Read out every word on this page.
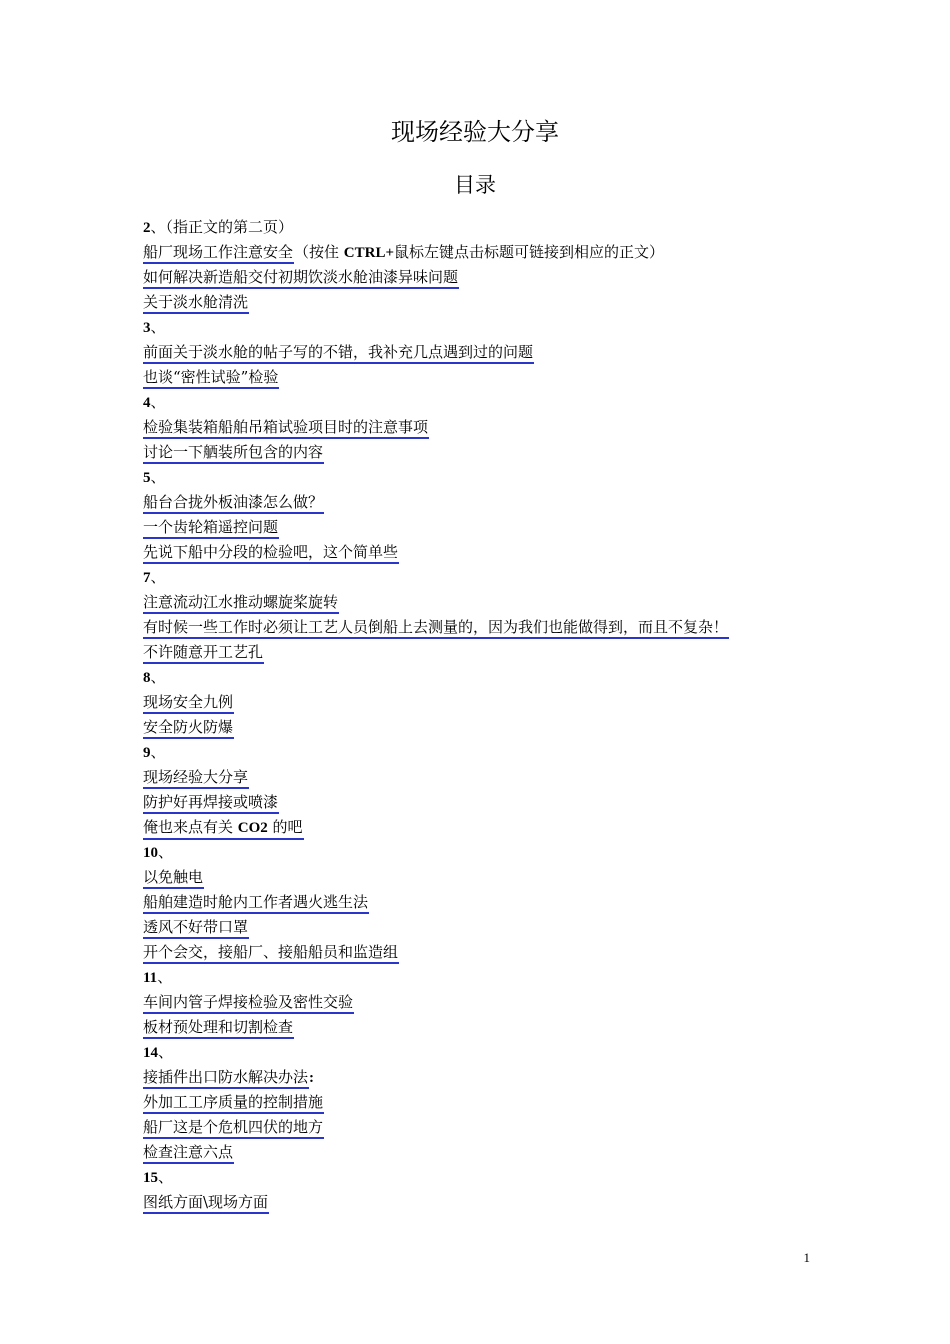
现场经验大分享
目录
2、（指正文的第二页）
船厂现场工作注意安全（按住 CTRL+鼠标左键点击标题可链接到相应的正文）
如何解决新造船交付初期饮淡水舱油漆异味问题
关于淡水舱清洗
3、
前面关于淡水舱的帖子写的不错，我补充几点遇到过的问题
也谈“密性试验”检验
4、
检验集装箱船舶吊箱试验项目时的注意事项
讨论一下舾装所包含的内容
5、
船台合拢外板油漆怎么做？
一个齿轮箱遥控问题
先说下船中分段的检验吧，这个简单些
7、
注意流动江水推动螺旋桨旋转
有时候一些工作时必须让工艺人员倒船上去测量的，因为我们也能做得到，而且不复杂！
不许随意开工艺孔
8、
现场安全九例
安全防火防爆
9、
现场经验大分享
防护好再焊接或喷漆
俺也来点有关 CO2 的吧
10、
以免触电
船舶建造时舱内工作者遇火逃生法
透风不好带口罩
开个会交，接船厂、接船船员和监造组
11、
车间内管子焊接检验及密性交验
板材预处理和切割检查
14、
接插件出口防水解决办法:
外加工工序质量的控制措施
船厂这是个危机四伏的地方
检查注意六点
15、
图纸方面\现场方面
1
